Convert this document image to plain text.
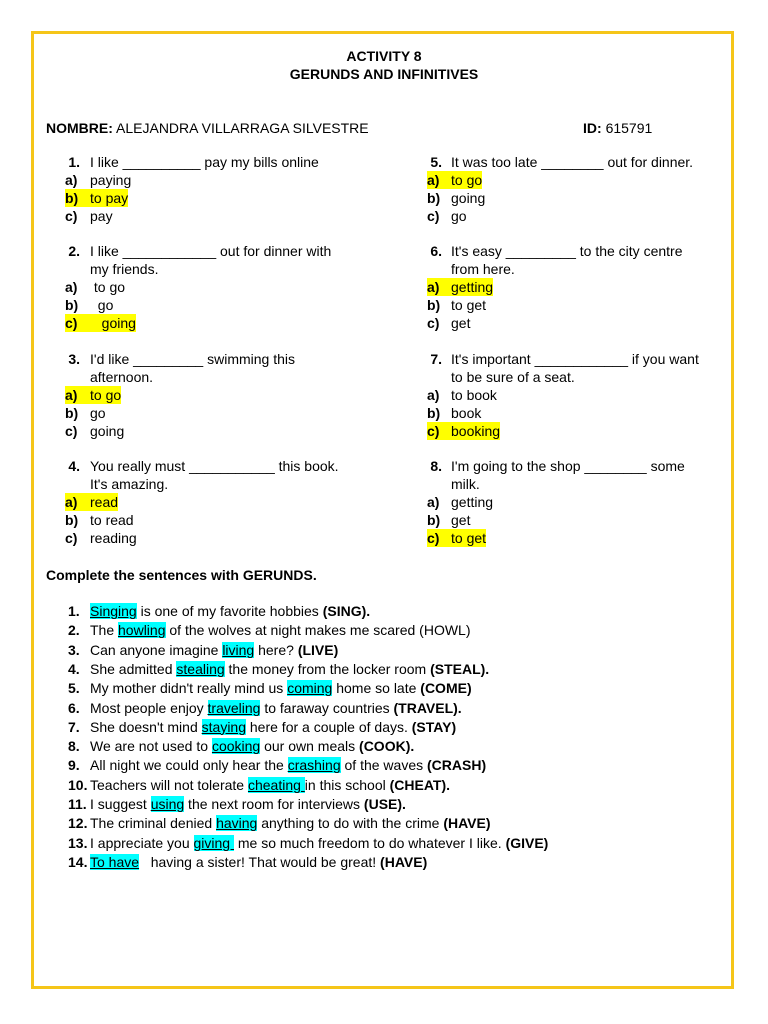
ACTIVITY 8
GERUNDS AND INFINITIVES
NOMBRE: ALEJANDRA VILLARRAGA SILVESTRE	ID: 615791
1. I like __________ pay my bills online
a) paying
b) to pay
c) pay
2. I like ____________ out for dinner with
my friends.
a) to go
b)  go
c)   going
3. I'd like _________ swimming this
afternoon.
a) to go
b) go
c) going
4. You really must ___________ this book.
It's amazing.
a) read
b) to read
c) reading
5. It was too late ________ out for dinner.
a) to go
b) going
c) go
6. It's easy _________ to the city centre
from here.
a) getting
b) to get
c) get
7. It's important ____________ if you want
to be sure of a seat.
a) to book
b) book
c) booking
8. I'm going to the shop ________ some
milk.
a) getting
b) get
c) to get
Complete the sentences with GERUNDS.
1. Singing is one of my favorite hobbies (SING).
2. The howling of the wolves at night makes me scared (HOWL)
3. Can anyone imagine living here? (LIVE)
4. She admitted stealing the money from the locker room (STEAL).
5. My mother didn't really mind us coming home so late (COME)
6. Most people enjoy traveling to faraway countries (TRAVEL).
7. She doesn't mind staying here for a couple of days. (STAY)
8. We are not used to cooking our own meals (COOK).
9. All night we could only hear the crashing of the waves (CRASH)
10. Teachers will not tolerate cheating in this school (CHEAT).
11. I suggest using the next room for interviews (USE).
12. The criminal denied having anything to do with the crime (HAVE)
13. I appreciate you giving  me so much freedom to do whatever I like. (GIVE)
14. To have   having a sister! That would be great! (HAVE)
